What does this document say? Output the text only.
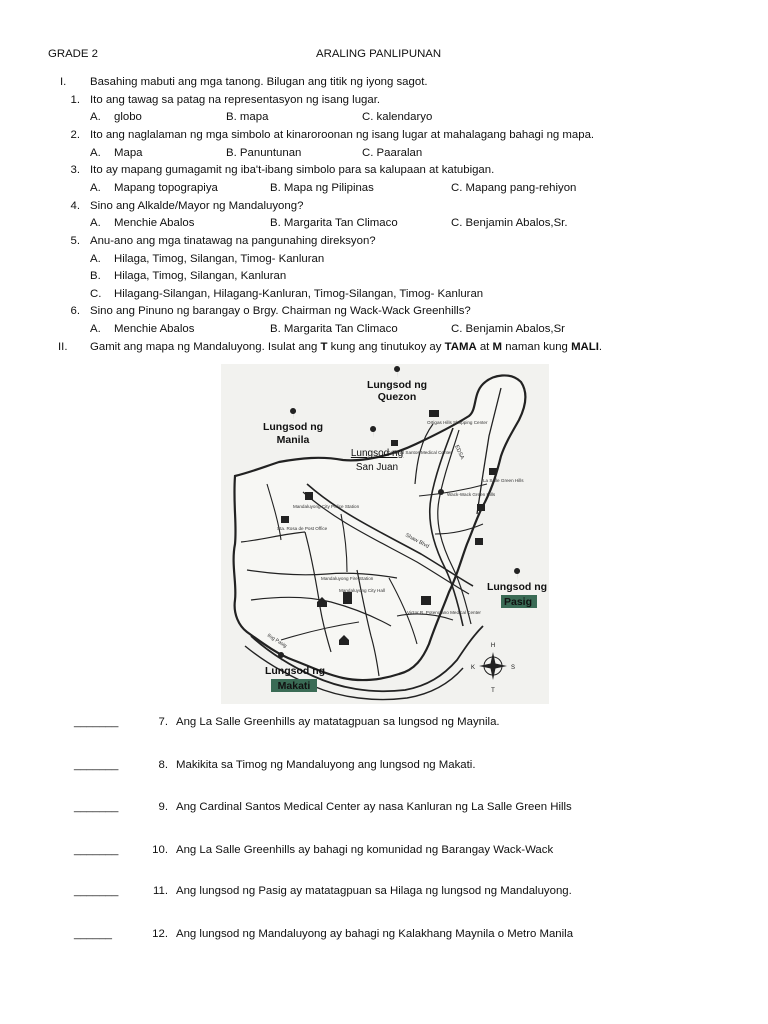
GRADE 2	ARALING PANLIPUNAN
I. Basahing mabuti ang mga tanong. Bilugan ang titik ng iyong sagot.
1. Ito ang tawag sa patag na representasyon ng isang lugar.
A. globo	B. mapa	C. kalendaryo
2. Ito ang naglalaman ng mga simbolo at kinaroroonan ng isang lugar at mahalagang bahagi ng mapa.
A. Mapa	B. Panuntunan	C. Paaralan
3. Ito ay mapang gumagamit ng iba't-ibang simbolo para sa kalupaan at katubigan.
A. Mapang topograpiya	B. Mapa ng Pilipinas	C. Mapang pang-rehiyon
4. Sino ang Alkalde/Mayor ng Mandaluyong?
A. Menchie Abalos	B. Margarita Tan Climaco	C. Benjamin Abalos,Sr.
5. Anu-ano ang mga tinatawag na pangunahing direksyon?
A. Hilaga, Timog, Silangan, Timog- Kanluran
B. Hilaga, Timog, Silangan, Kanluran
C. Hilagang-Silangan, Hilagang-Kanluran, Timog-Silangan, Timog- Kanluran
6. Sino ang Pinuno ng barangay o Brgy. Chairman ng Wack-Wack Greenhills?
A. Menchie Abalos	B. Margarita Tan Climaco	C. Benjamin Abalos,Sr
II. Gamit ang mapa ng Mandaluyong. Isulat ang T kung ang tinutukoy ay TAMA at M naman kung MALI.
EDSA
Shaw Blvd
Ilog Pasig
Lungsod ng
Quezon
Lungsod ng
Manila
Lungsod ng
San Juan
Lungsod ng
Pasig
Lungsod ng
Makati
Ortigas Hills Shopping Center
Cardinal Santos Medical Center
La Salle Green Hills
Wack-Wack Green Hills
Mandaluyong City Police Station
Sta. Rosa de Post Office
Mandaluyong Fire Station
Mandaluyong City Hall
Victor R. Potenciano Medical Center
H
T
S
K
_______	7. Ang La Salle Greenhills ay matatagpuan sa lungsod ng Maynila.
_______	8. Makikita sa Timog ng Mandaluyong ang lungsod ng Makati.
_______	9. Ang Cardinal Santos Medical Center ay nasa Kanluran ng La Salle Green Hills
_______	10. Ang La Salle Greenhills ay bahagi ng komunidad ng Barangay Wack-Wack
_______	11. Ang lungsod ng Pasig ay matatagpuan sa Hilaga ng lungsod ng Mandaluyong.
______	12. Ang lungsod ng Mandaluyong ay bahagi ng Kalakhang Maynila o Metro Manila
